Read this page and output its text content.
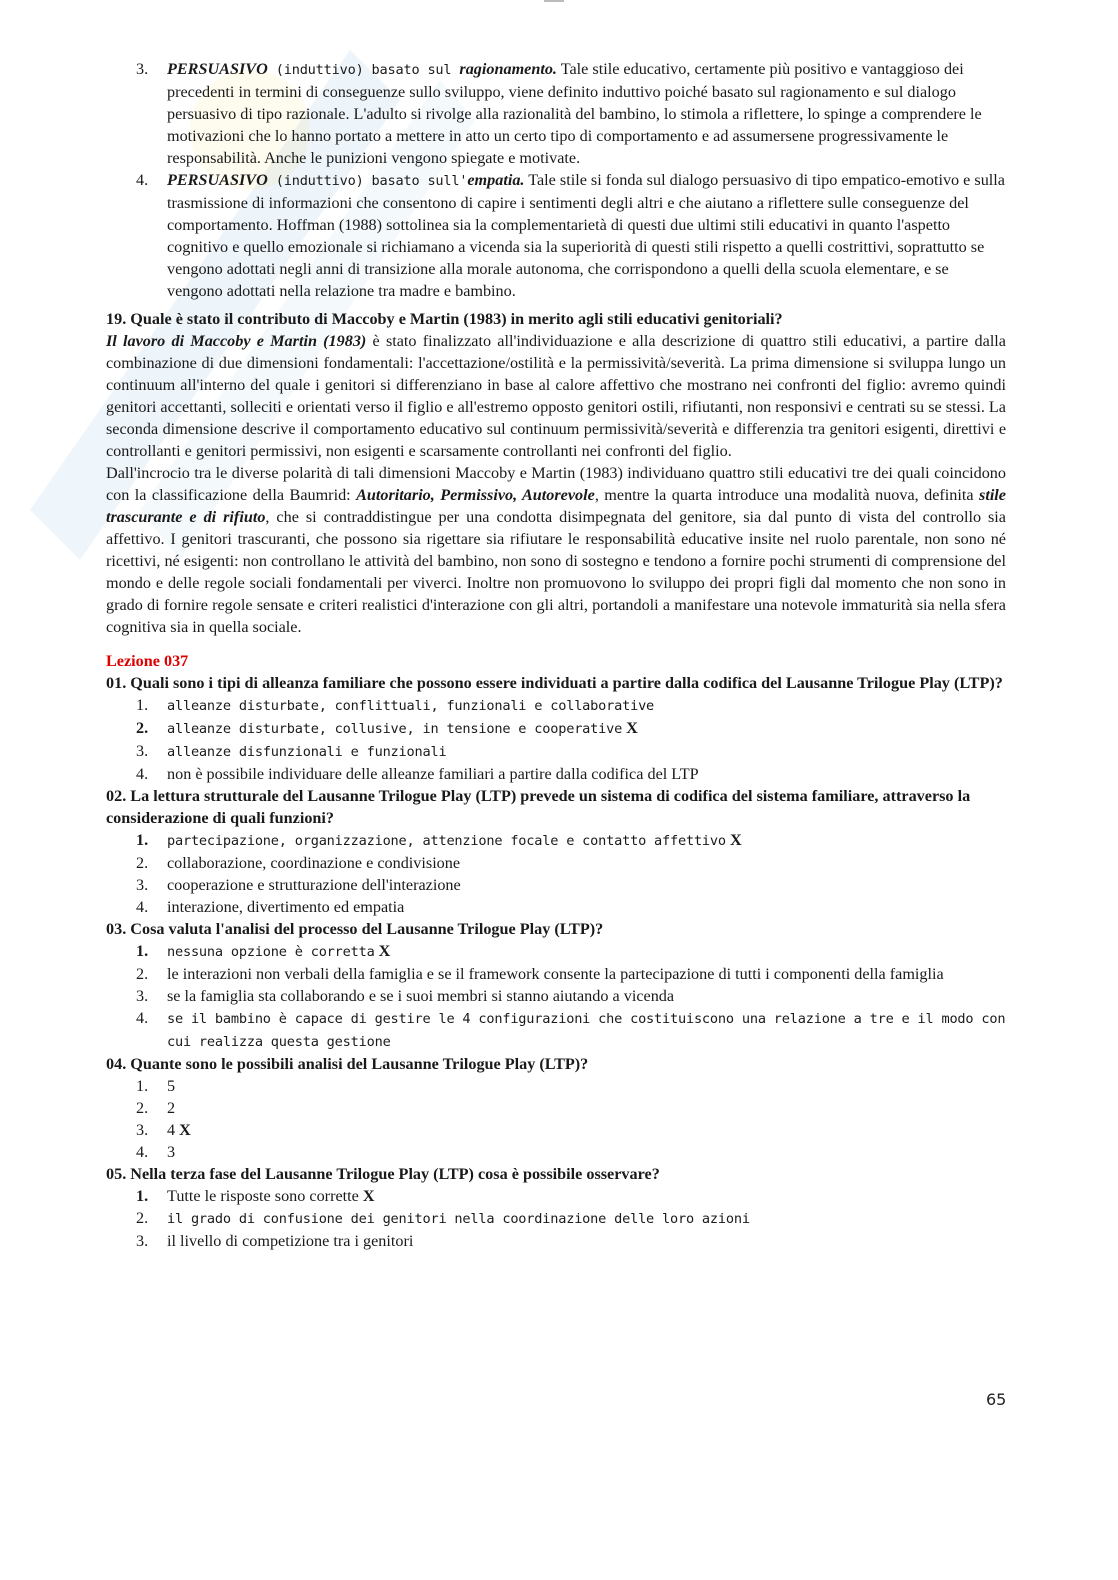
3. PERSUASIVO (induttivo) basato sul ragionamento. Tale stile educativo, certamente più positivo e vantaggioso dei precedenti in termini di conseguenze sullo sviluppo, viene definito induttivo poiché basato sul ragionamento e sul dialogo persuasivo di tipo razionale. L'adulto si rivolge alla razionalità del bambino, lo stimola a riflettere, lo spinge a comprendere le motivazioni che lo hanno portato a mettere in atto un certo tipo di comportamento e ad assumersene progressivamente le responsabilità. Anche le punizioni vengono spiegate e motivate.
4. PERSUASIVO (induttivo) basato sull'empatia. Tale stile si fonda sul dialogo persuasivo di tipo empatico-emotivo e sulla trasmissione di informazioni che consentono di capire i sentimenti degli altri e che aiutano a riflettere sulle conseguenze del comportamento. Hoffman (1988) sottolinea sia la complementarietà di questi due ultimi stili educativi in quanto l'aspetto cognitivo e quello emozionale si richiamano a vicenda sia la superiorità di questi stili rispetto a quelli costrittivi, soprattutto se vengono adottati negli anni di transizione alla morale autonoma, che corrispondono a quelli della scuola elementare, e se vengono adottati nella relazione tra madre e bambino.

19. Quale è stato il contributo di Maccoby e Martin (1983) in merito agli stili educativi genitoriali?

Il lavoro di Maccoby e Martin (1983) è stato finalizzato all'individuazione e alla descrizione di quattro stili educativi, a partire dalla combinazione di due dimensioni fondamentali: l'accettazione/ostilità e la permissività/severità. La prima dimensione si sviluppa lungo un continuum all'interno del quale i genitori si differenziano in base al calore affettivo che mostrano nei confronti del figlio: avremo quindi genitori accettanti, solleciti e orientati verso il figlio e all'estremo opposto genitori ostili, rifiutanti, non responsivi e centrati su se stessi. La seconda dimensione descrive il comportamento educativo sul continuum permissività/severità e differenzia tra genitori esigenti, direttivi e controllanti e genitori permissivi, non esigenti e scarsamente controllanti nei confronti del figlio.

Dall'incrocio tra le diverse polarità di tali dimensioni Maccoby e Martin (1983) individuano quattro stili educativi tre dei quali coincidono con la classificazione della Baumrid: Autoritario, Permissivo, Autorevole, mentre la quarta introduce una modalità nuova, definita stile trascurante e di rifiuto, che si contraddistingue per una condotta disimpegnata del genitore, sia dal punto di vista del controllo sia affettivo. I genitori trascuranti, che possono sia rigettare sia rifiutare le responsabilità educative insite nel ruolo parentale, non sono né ricettivi, né esigenti: non controllano le attività del bambino, non sono di sostegno e tendono a fornire pochi strumenti di comprensione del mondo e delle regole sociali fondamentali per viverci. Inoltre non promuovono lo sviluppo dei propri figli dal momento che non sono in grado di fornire regole sensate e criteri realistici d'interazione con gli altri, portandoli a manifestare una notevole immaturità sia nella sfera cognitiva sia in quella sociale.

Lezione 037

01. Quali sono i tipi di alleanza familiare che possono essere individuati a partire dalla codifica del Lausanne Trilogue Play (LTP)?

1. alleanze disturbate, conflittuali, funzionali e collaborative
2. alleanze disturbate, collusive, in tensione e cooperative X
3. alleanze disfunzionali e funzionali
4. non è possibile individuare delle alleanze familiari a partire dalla codifica del LTP

02. La lettura strutturale del Lausanne Trilogue Play (LTP) prevede un sistema di codifica del sistema familiare, attraverso la considerazione di quali funzioni?

1. partecipazione, organizzazione, attenzione focale e contatto affettivo X
2. collaborazione, coordinazione e condivisione
3. cooperazione e strutturazione dell'interazione
4. interazione, divertimento ed empatia

03. Cosa valuta l'analisi del processo del Lausanne Trilogue Play (LTP)?

1. nessuna opzione è corretta X
2. le interazioni non verbali della famiglia e se il framework consente la partecipazione di tutti i componenti della famiglia
3. se la famiglia sta collaborando e se i suoi membri si stanno aiutando a vicenda
4. se il bambino è capace di gestire le 4 configurazioni che costituiscono una relazione a tre e il modo con cui realizza questa gestione

04. Quante sono le possibili analisi del Lausanne Trilogue Play (LTP)?

1. 5
2. 2
3. 4 X
4. 3

05. Nella terza fase del Lausanne Trilogue Play (LTP) cosa è possibile osservare?

1. Tutte le risposte sono corrette X
2. il grado di confusione dei genitori nella coordinazione delle loro azioni
3. il livello di competizione tra i genitori
65
